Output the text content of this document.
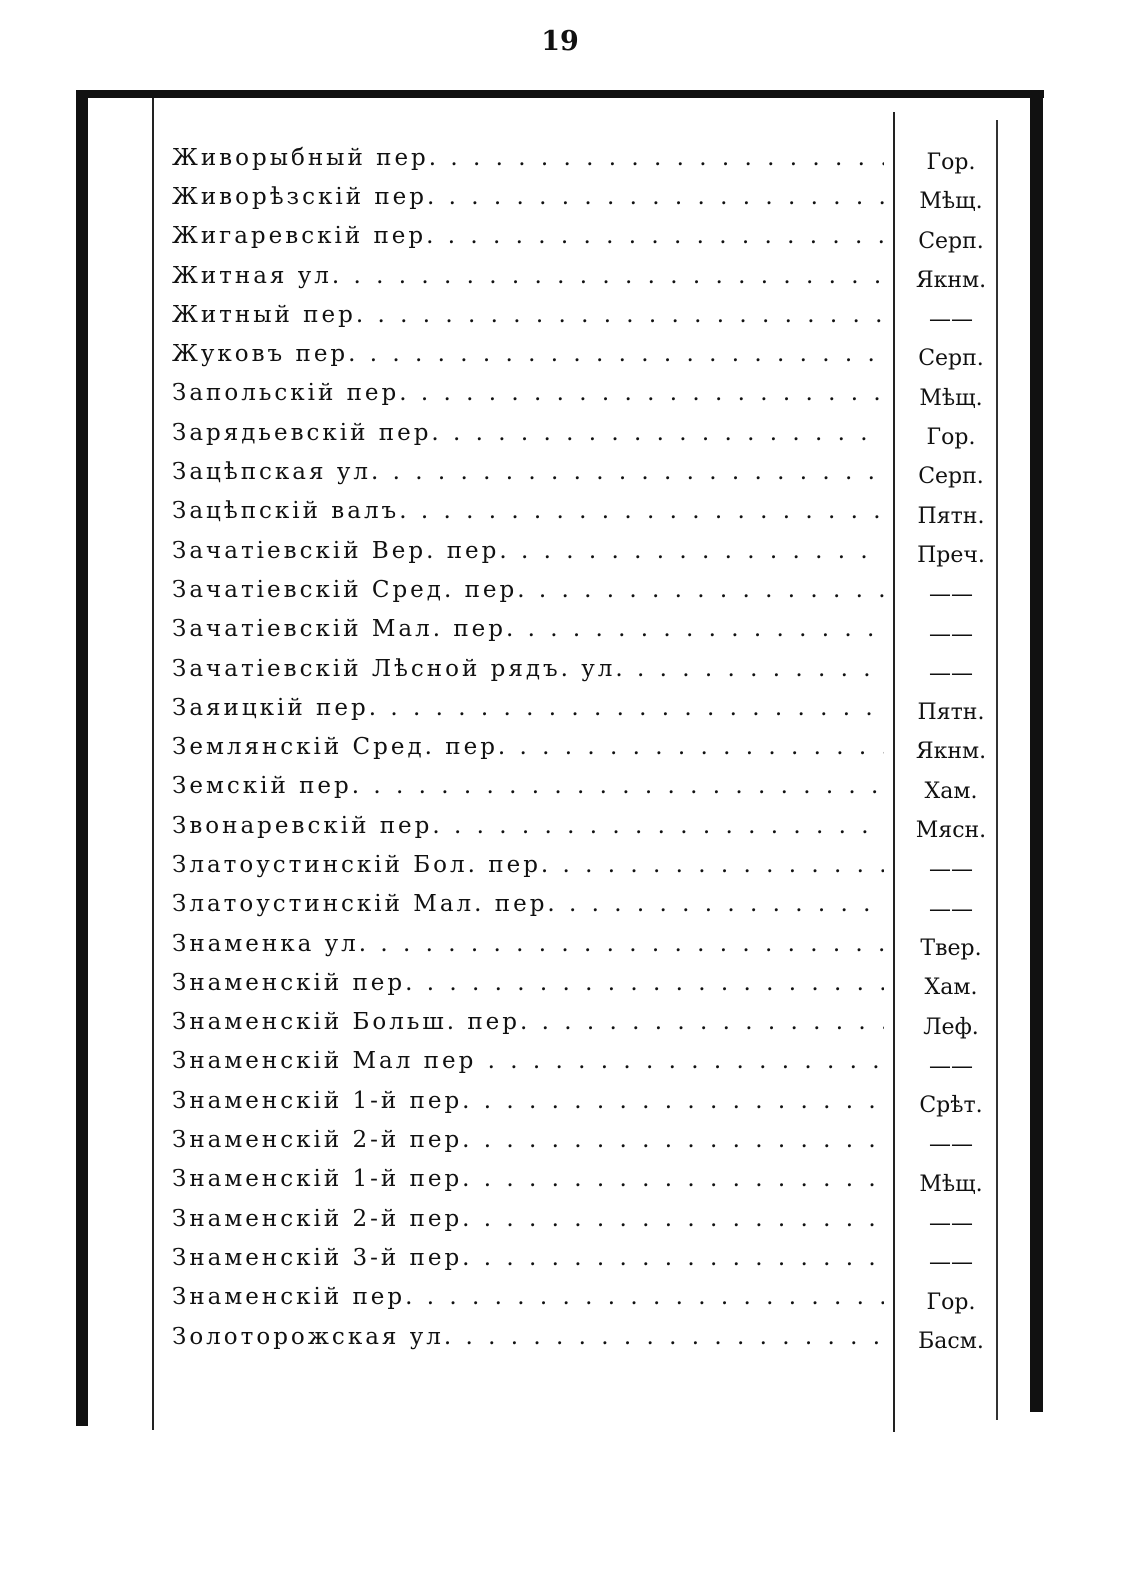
19
Живорыбный пер. . . .	Гор.
Живорѣзскій пер. . . .	Мѣщ.
Жигаревскій пер. . . .	Серп.
Житная ул. . . .	Якнм.
Житный пер. . . .	——
Жуковъ пер. . . .	Серп.
Запольскій пер. . . .	Мѣщ.
Зарядьевскій пер. . . .	Гор.
Зацѣпская ул. . . .	Серп.
Зацѣпскій валъ. . . .	Пятн.
Зачатіевскій Вер. пер. . . .	Преч.
Зачатіевскій Сред. пер. . . .	——
Зачатіевскій Мал. пер. . . .	——
Зачатіевскій Лѣсной рядъ. ул. . . .	——
Заяицкій пер. . . .	Пятн.
Землянскій Сред. пер. . . .	Якнм.
Земскій пер. . . .	Хам.
Звонаревскій пер. . . .	Мясн.
Златоустинскій Бол. пер. . . .	——
Златоустинскій Мал. пер. . . .	——
Знаменка ул. . . .	Твер.
Знаменскій пер. . . .	Хам.
Знаменскій Больш. пер. . . .	Леф.
Знаменскій Мал пер . . .	——
Знаменскій 1-й пер. . . .	Срѣт.
Знаменскій 2-й пер. . . .	——
Знаменскій 1-й пер. . . .	Мѣщ.
Знаменскій 2-й пер. . . .	——
Знаменскій 3-й пер. . . .	——
Знаменскій пер. . . .	Гор.
Золоторожская ул. . . .	Басм.
